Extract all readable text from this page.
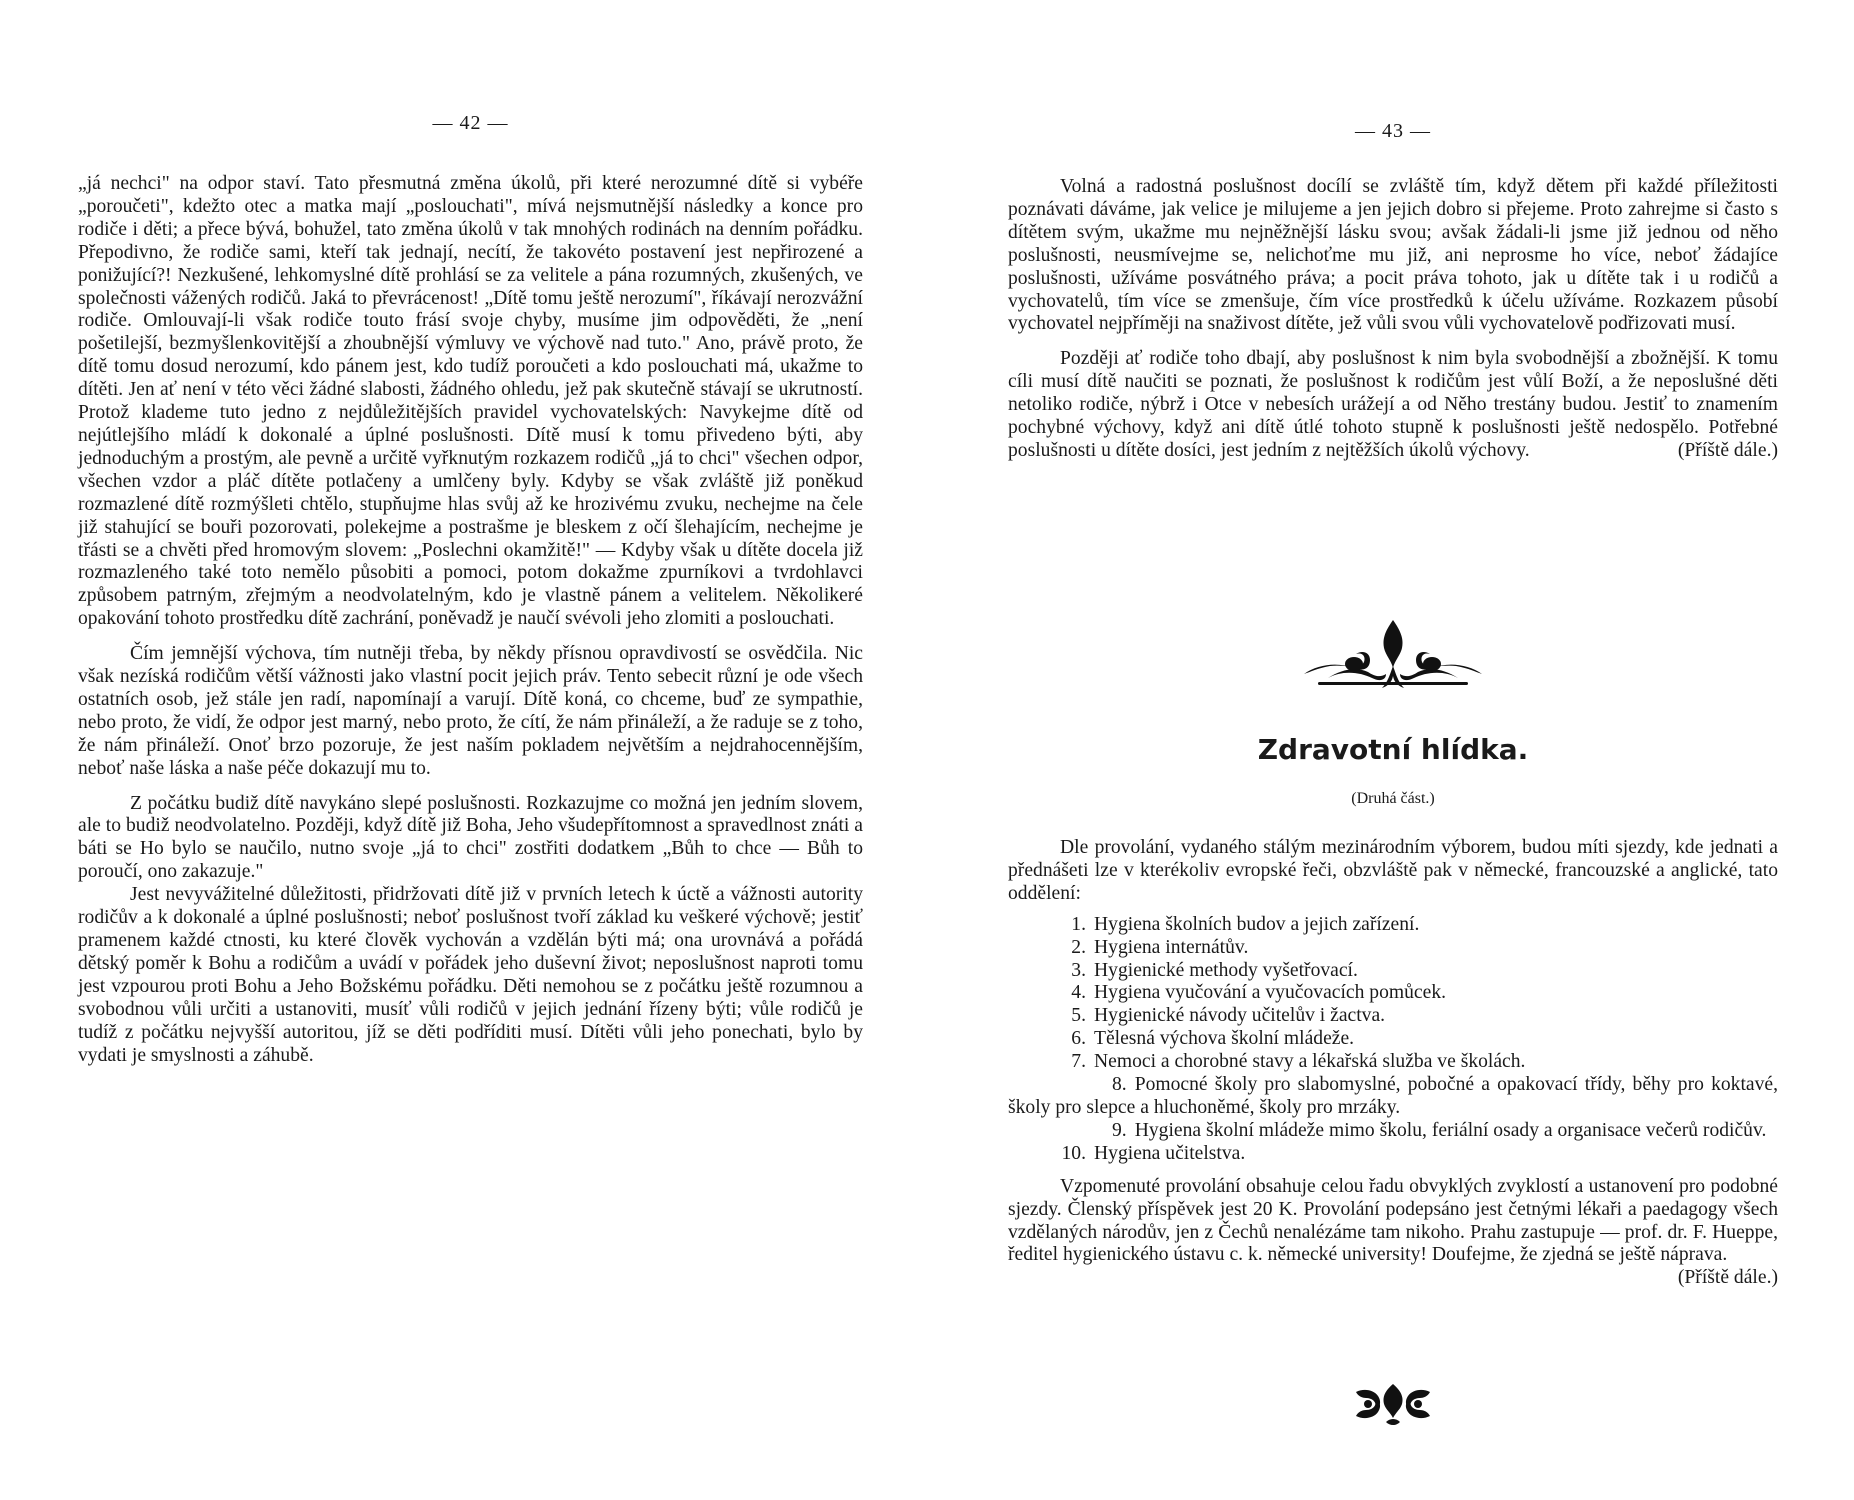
— 42 —

„já nechci" na odpor staví. Tato přesmutná změna úkolů, při které nerozumné dítě si vybéře „poroučeti", kdežto otec a matka mají „poslouchati", mívá nejsmutnější následky a konce pro rodiče i děti; a přece bývá, bohužel, tato změna úkolů v tak mnohých rodinách na denním pořádku. Přepodivno, že rodiče sami, kteří tak jednají, necítí, že takovéto postavení jest nepřirozené a ponižující?! Nezkušené, lehkomyslné dítě prohlásí se za velitele a pána rozumných, zkušených, ve společnosti vážených rodičů. Jaká to převrácenost! „Dítě tomu ještě nerozumí", říkávají nerozvážní rodiče. Omlouvají-li však rodiče touto frásí svoje chyby, musíme jim odpověděti, že „není pošetilejší, bezmyšlenkovitější a zhoubnější výmluvy ve výchově nad tuto." Ano, právě proto, že dítě tomu dosud nerozumí, kdo pánem jest, kdo tudíž poroučeti a kdo poslouchati má, ukažme to dítěti. Jen ať není v této věci žádné slabosti, žádného ohledu, jež pak skutečně stávají se ukrutností. Protož klademe tuto jedno z nejdůležitějších pravidel vychovatelských: Navykejme dítě od nejútlejšího mládí k dokonalé a úplné poslušnosti. Dítě musí k tomu přivedeno býti, aby jednoduchým a prostým, ale pevně a určitě vyřknutým rozkazem rodičů „já to chci" všechen odpor, všechen vzdor a pláč dítěte potlačeny a umlčeny byly. Kdyby se však zvláště již poněkud rozmazlené dítě rozmýšleti chtělo, stupňujme hlas svůj až ke hrozivému zvuku, nechejme na čele již stahující se bouři pozorovati, polekejme a postrašme je bleskem z očí šlehajícím, nechejme je třásti se a chvěti před hromovým slovem: „Poslechni okamžitě!" — Kdyby však u dítěte docela již rozmazleného také toto nemělo působiti a pomoci, potom dokažme zpurníkovi a tvrdohlavci způsobem patrným, zřejmým a neodvolatelným, kdo je vlastně pánem a velitelem. Několikeré opakování tohoto prostředku dítě zachrání, poněvadž je naučí svévoli jeho zlomiti a poslouchati.

Čím jemnější výchova, tím nutněji třeba, by někdy přísnou opravdivostí se osvědčila. Nic však nezíská rodičům větší vážnosti jako vlastní pocit jejich práv. Tento sebecit různí je ode všech ostatních osob, jež stále jen radí, napomínají a varují. Dítě koná, co chceme, buď ze sympathie, nebo proto, že vidí, že odpor jest marný, nebo proto, že cítí, že nám přináleží, a že raduje se z toho, že nám přináleží. Onoť brzo pozoruje, že jest naším pokladem největším a nejdrahocennějším, neboť naše láska a naše péče dokazují mu to.

Z počátku budiž dítě navykáno slepé poslušnosti. Rozkazujme co možná jen jedním slovem, ale to budiž neodvolatelno. Později, když dítě již Boha, Jeho všudepřítomnost a spravedlnost znáti a báti se Ho bylo se naučilo, nutno svoje „já to chci" zostřiti dodatkem „Bůh to chce — Bůh to poroučí, ono zakazuje."

Jest nevyvážitelné důležitosti, přidržovati dítě již v prvních letech k úctě a vážnosti autority rodičův a k dokonalé a úplné poslušnosti; neboť poslušnost tvoří základ ku veškeré výchově; jestiť pramenem každé ctnosti, ku které člověk vychován a vzdělán býti má; ona urovnává a pořádá dětský poměr k Bohu a rodičům a uvádí v pořádek jeho duševní život; neposlušnost naproti tomu jest vzpourou proti Bohu a Jeho Božskému pořádku. Děti nemohou se z počátku ještě rozumnou a svobodnou vůli určiti a ustanoviti, musíť vůli rodičů v jejich jednání řízeny býti; vůle rodičů je tudíž z počátku nejvyšší autoritou, jíž se děti podříditi musí. Dítěti vůli jeho ponechati, bylo by vydati je smyslnosti a záhubě.

— 43 —

Volná a radostná poslušnost docílí se zvláště tím, když dětem při každé příležitosti poznávati dáváme, jak velice je milujeme a jen jejich dobro si přejeme. Proto zahrejme si často s dítětem svým, ukažme mu nejněžnější lásku svou; avšak žádali-li jsme již jednou od něho poslušnosti, neusmívejme se, nelichoťme mu již, ani neprosme ho více, neboť žádajíce poslušnosti, užíváme posvátného práva; a pocit práva tohoto, jak u dítěte tak i u rodičů a vychovatelů, tím více se zmenšuje, čím více prostředků k účelu užíváme. Rozkazem působí vychovatel nejpříměji na snaživost dítěte, jež vůli svou vůli vychovatelově podřizovati musí.

Později ať rodiče toho dbají, aby poslušnost k nim byla svobodnější a zbožnější. K tomu cíli musí dítě naučiti se poznati, že poslušnost k rodičům jest vůlí Boží, a že neposlušné děti netoliko rodiče, nýbrž i Otce v nebesích urážejí a od Něho trestány budou. Jestiť to znamením pochybné výchovy, když ani dítě útlé tohoto stupně k poslušnosti ještě nedospělo. Potřebné poslušnosti u dítěte dosíci, jest jedním z nejtěžších úkolů výchovy.	(Příště dále.)

Zdravotní hlídka.
(Druhá část.)

Dle provolání, vydaného stálým mezinárodním výborem, budou míti sjezdy, kde jednati a přednášeti lze v kterékoliv evropské řeči, obzvláště pak v německé, francouzské a anglické, tato oddělení:

1. Hygiena školních budov a jejich zařízení.
2. Hygiena internátův.
3. Hygienické methody vyšetřovací.
4. Hygiena vyučování a vyučovacích pomůcek.
5. Hygienické návody učitelův i žactva.
6. Tělesná výchova školní mládeže.
7. Nemoci a chorobné stavy a lékařská služba ve školách.
8. Pomocné školy pro slabomyslné, pobočné a opakovací třídy, běhy pro koktavé, školy pro slepce a hluchoněmé, školy pro mrzáky.
9. Hygiena školní mládeže mimo školu, feriální osady a organisace večerů rodičův.
10. Hygiena učitelstva.

Vzpomenuté provolání obsahuje celou řadu obvyklých zvyklostí a ustanovení pro podobné sjezdy. Členský příspěvek jest 20 K. Provolání podepsáno jest četnými lékaři a paedagogy všech vzdělaných národův, jen z Čechů nenalézáme tam nikoho. Prahu zastupuje — prof. dr. F. Hueppe, ředitel hygienického ústavu c. k. německé university! Doufejme, že zjedná se ještě náprava.
(Příště dále.)
